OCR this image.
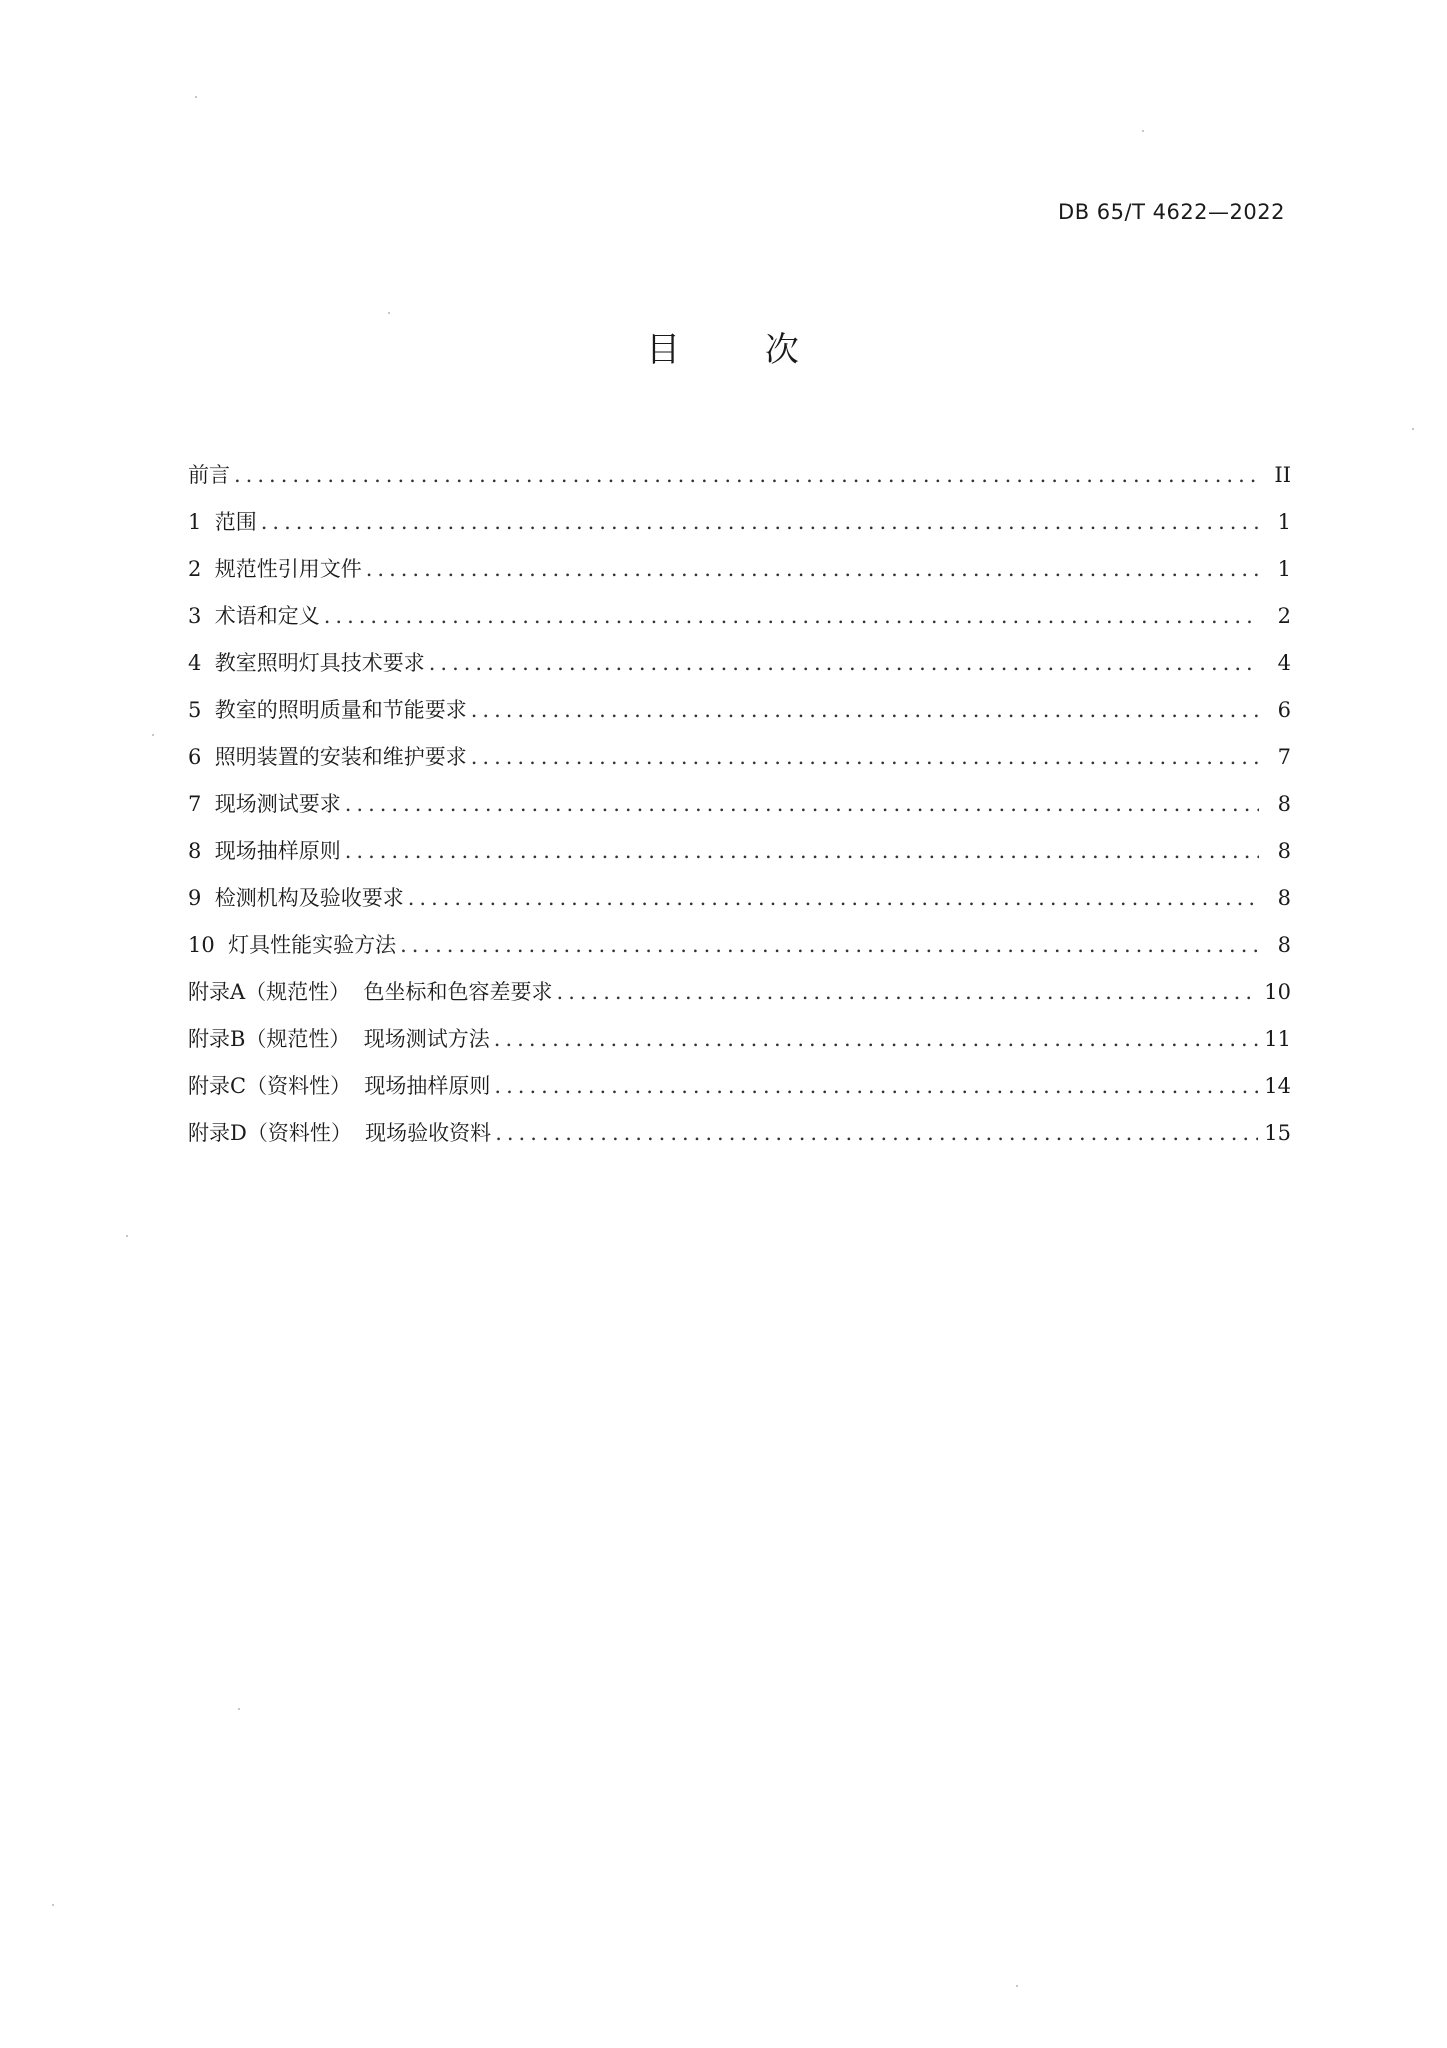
DB 65/T 4622—2022
目 次
前言 .....	II
1  范围 .....	1
2  规范性引用文件 .....	1
3  术语和定义 .....	2
4  教室照明灯具技术要求 .....	4
5  教室的照明质量和节能要求 .....	6
6  照明装置的安装和维护要求 .....	7
7  现场测试要求 .....	8
8  现场抽样原则 .....	8
9  检测机构及验收要求 .....	8
10  灯具性能实验方法 .....	8
附录A（规范性）  色坐标和色容差要求 .....	10
附录B（规范性）  现场测试方法 .....	11
附录C（资料性）  现场抽样原则 .....	14
附录D（资料性）  现场验收资料 .....	15
